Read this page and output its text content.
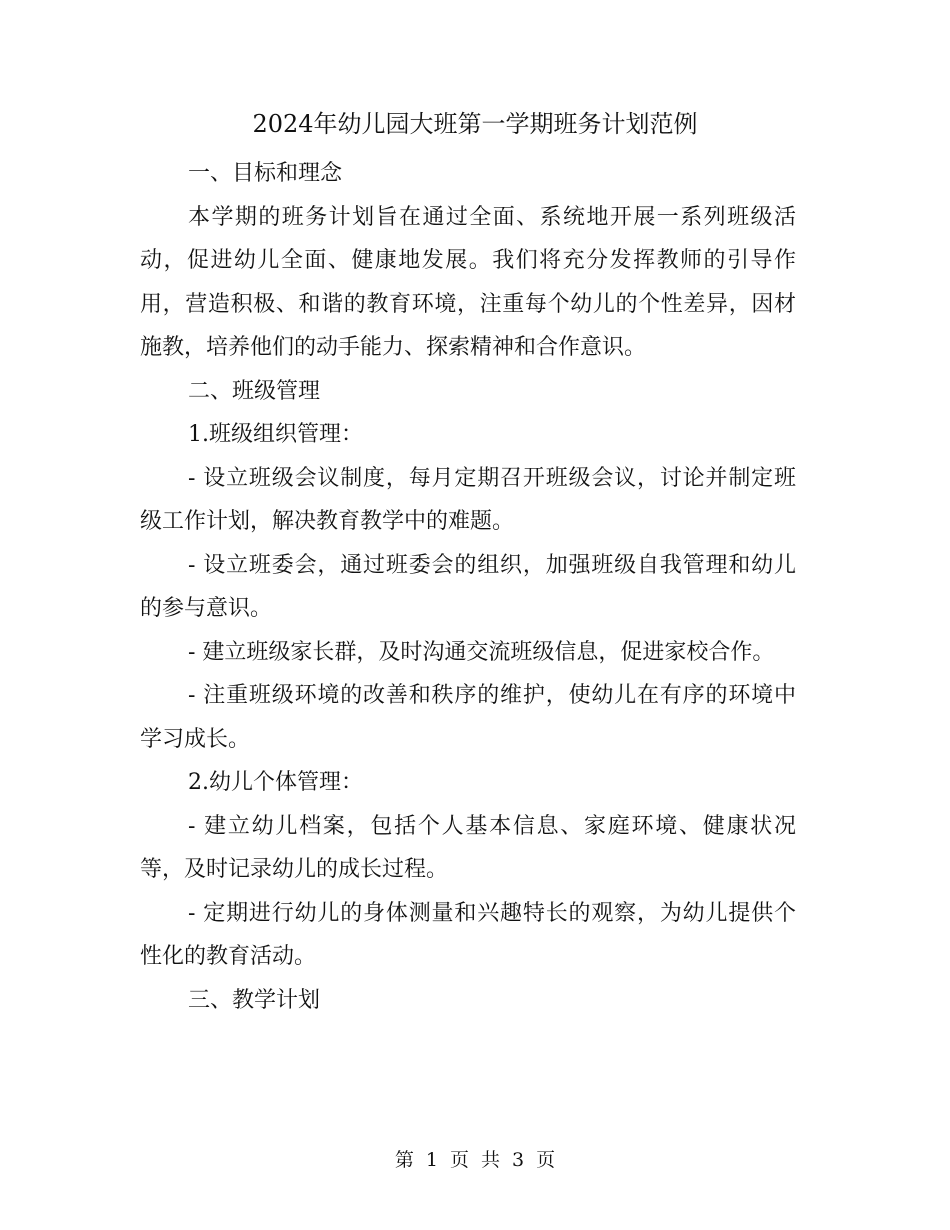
2024年幼儿园大班第一学期班务计划范例

一、目标和理念

本学期的班务计划旨在通过全面、系统地开展一系列班级活动，促进幼儿全面、健康地发展。我们将充分发挥教师的引导作用，营造积极、和谐的教育环境，注重每个幼儿的个性差异，因材施教，培养他们的动手能力、探索精神和合作意识。

二、班级管理

1.班级组织管理：

- 设立班级会议制度，每月定期召开班级会议，讨论并制定班级工作计划，解决教育教学中的难题。

- 设立班委会，通过班委会的组织，加强班级自我管理和幼儿的参与意识。

- 建立班级家长群，及时沟通交流班级信息，促进家校合作。

- 注重班级环境的改善和秩序的维护，使幼儿在有序的环境中学习成长。

2.幼儿个体管理：

- 建立幼儿档案，包括个人基本信息、家庭环境、健康状况等，及时记录幼儿的成长过程。

- 定期进行幼儿的身体测量和兴趣特长的观察，为幼儿提供个性化的教育活动。

三、教学计划

第 1 页 共 3 页
